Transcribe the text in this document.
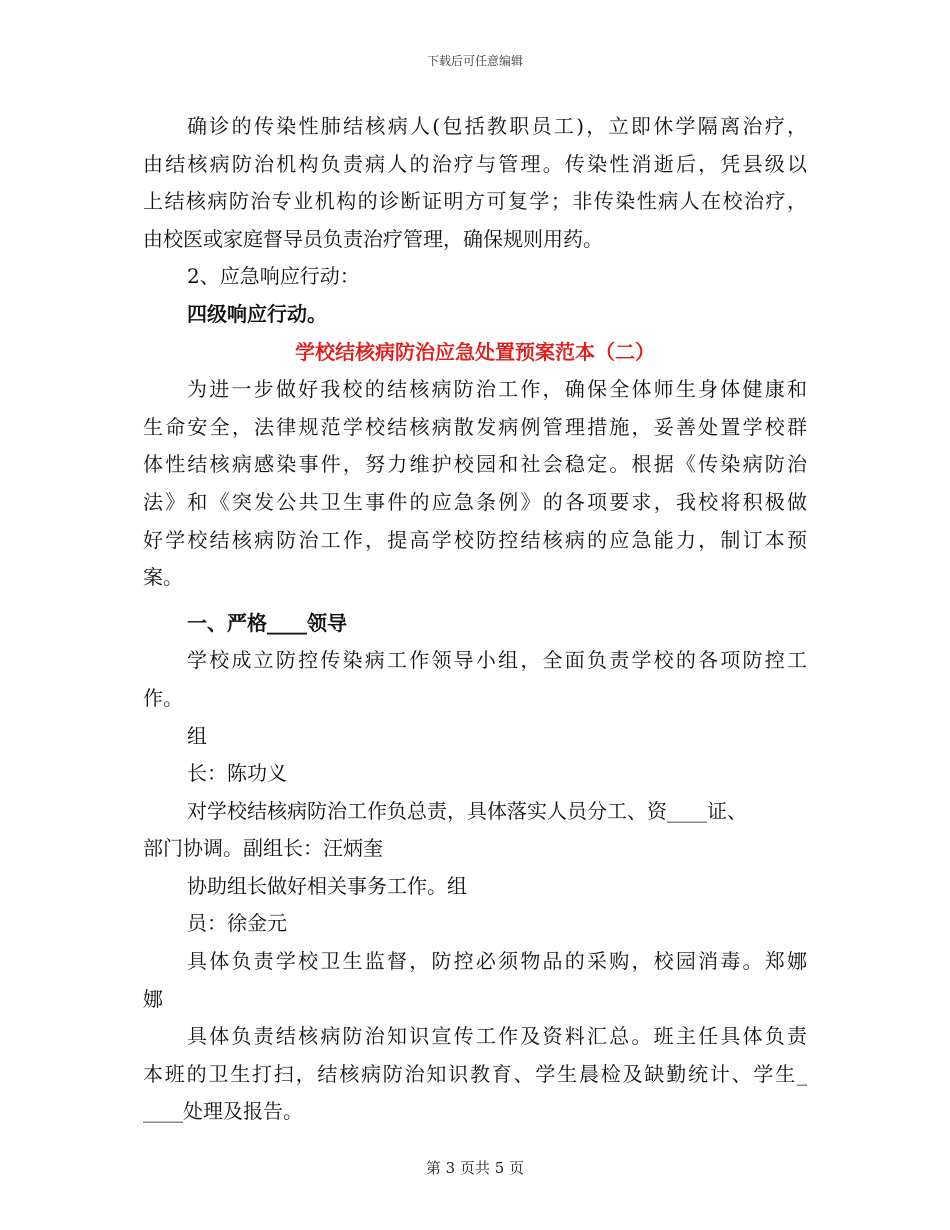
下载后可任意编辑
确诊的传染性肺结核病人(包括教职员工)，立即休学隔离治疗，
由结核病防治机构负责病人的治疗与管理。传染性消逝后，凭县级以
上结核病防治专业机构的诊断证明方可复学；非传染性病人在校治疗，
由校医或家庭督导员负责治疗管理，确保规则用药。
2、应急响应行动：
四级响应行动。
学校结核病防治应急处置预案范本（二）
为进一步做好我校的结核病防治工作，确保全体师生身体健康和
生命安全，法律规范学校结核病散发病例管理措施，妥善处置学校群
体性结核病感染事件，努力维护校园和社会稳定。根据《传染病防治
法》和《突发公共卫生事件的应急条例》的各项要求，我校将积极做
好学校结核病防治工作，提高学校防控结核病的应急能力，制订本预
案。
一、严格____领导
学校成立防控传染病工作领导小组，全面负责学校的各项防控工
作。
组
长：陈功义
对学校结核病防治工作负总责，具体落实人员分工、资____证、
部门协调。副组长：汪炳奎
协助组长做好相关事务工作。组
员：徐金元
具体负责学校卫生监督，防控必须物品的采购，校园消毒。郑娜
娜
具体负责结核病防治知识宣传工作及资料汇总。班主任具体负责
本班的卫生打扫，结核病防治知识教育、学生晨检及缺勤统计、学生_
____处理及报告。
第 3 页共 5 页
